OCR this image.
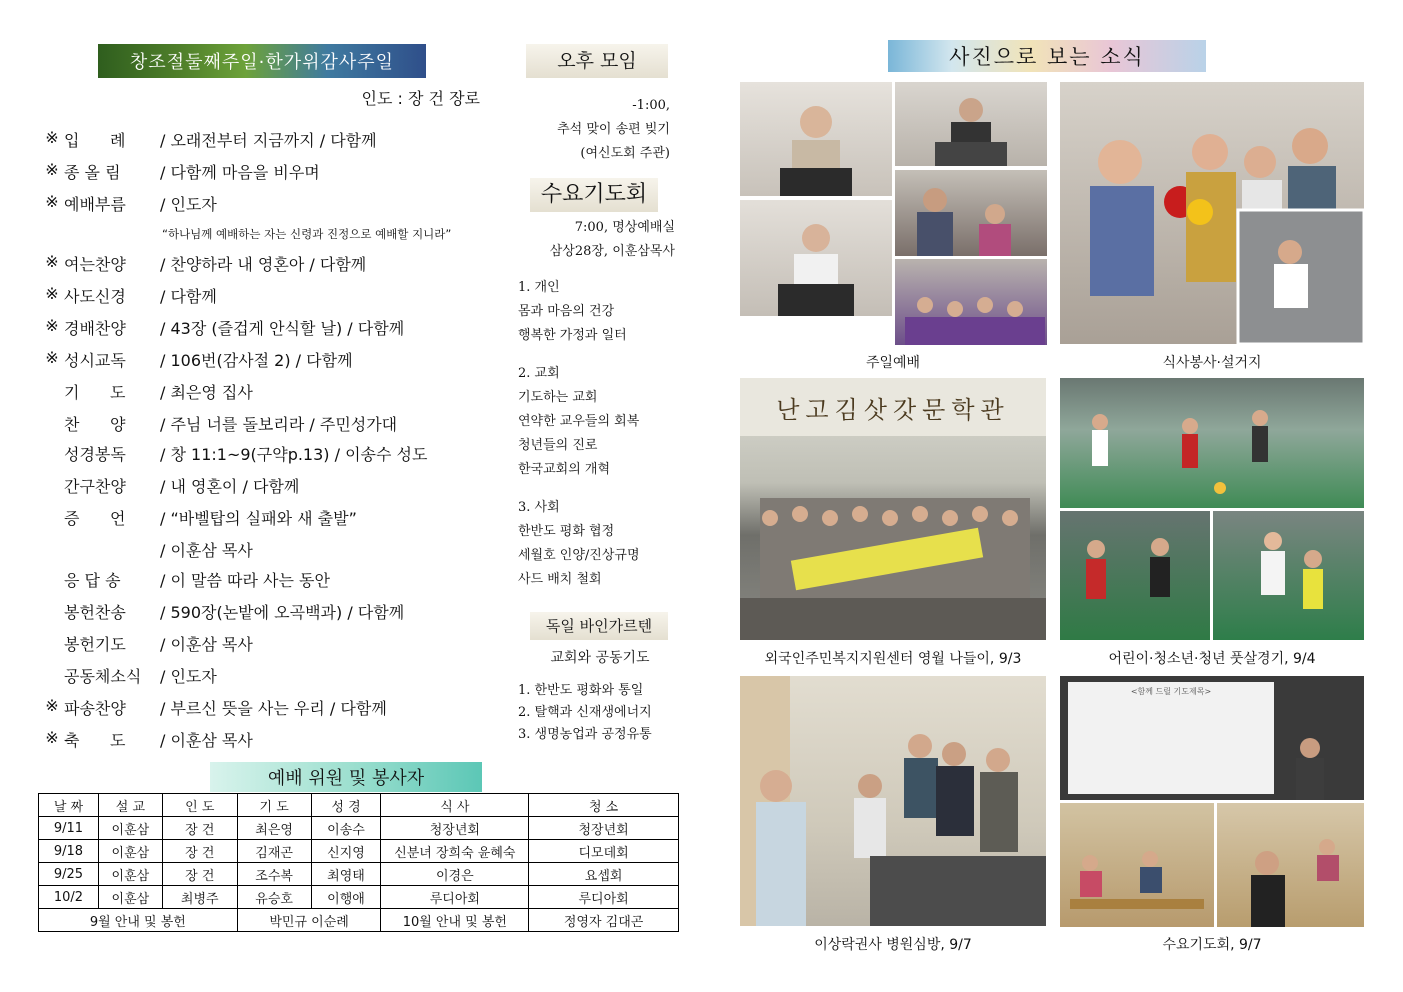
창조절둘째주일·한가위감사주일
인도 : 장 건 장로
※ 입      례	/ 오래전부터 지금까지 / 다함께
※ 종 올 림	/ 다함께 마음을 비우며
※ 예배부름	/ 인도자
※ 여는찬양	/ 찬양하라 내 영혼아 / 다함께
※ 사도신경	/ 다함께
※ 경배찬양	/ 43장 (즐겁게 안식할 날) / 다함께
※ 성시교독	/ 106번(감사절 2) / 다함께
기      도	/ 최은영 집사
찬      양	/ 주님 너를 돌보리라 / 주민성가대
성경봉독	/ 창 11:1~9(구약p.13) / 이송수 성도
간구찬양	/ 내 영혼이 / 다함께
증      언	/ “바벨탑의 실패와 새 출발”
/ 이훈삼 목사
응 답 송	/ 이 말씀 따라 사는 동안
봉헌찬송	/ 590장(논밭에 오곡백과) / 다함께
봉헌기도	/ 이훈삼 목사
공동체소식	/ 인도자
※ 파송찬양	/ 부르신 뜻을 사는 우리 / 다함께
※ 축      도	/ 이훈삼 목사
“하나님께 예배하는 자는 신령과 진정으로 예배할 지니라”
예배 위원 및 봉사자
날 짜	설 교	인 도	기 도	성 경	식 사	청 소
9/11	이훈삼	장 건	최은영	이송수	청장년회	청장년회
9/18	이훈삼	장 건	김재곤	신지영	신분녀 장희숙 윤혜숙	디모데회
9/25	이훈삼	장 건	조수복	최영태	이경은	요셉회
10/2	이훈삼	최병주	유승호	이행애	루디아회	루디아회
9월 안내 및 봉헌			박민규 이순례		10월 안내 및 봉헌	정영자 김대곤
오후 모임
-1:00,
추석 맞이 송편 빚기
(여신도회 주관)
수요기도회
7:00, 명상예배실
삼상28장, 이훈삼목사
1. 개인
몸과 마음의 건강
행복한 가정과 일터
2. 교회
기도하는 교회
연약한 교우들의 회복
청년들의 진로
한국교회의 개혁
3. 사회
한반도 평화 협정
세월호 인양/진상규명
사드 배치 철회
독일 바인가르텐
교회와 공동기도
1. 한반도 평화와 통일
2. 탈핵과 신재생에너지
3. 생명농업과 공정유통
사진으로 보는 소식
주일예배	식사봉사·설거지
난고김삿갓문학관
외국인주민복지지원센터 영월 나들이, 9/3	어린이·청소년·청년 풋살경기, 9/4
이상락권사 병원심방, 9/7
<함께 드릴 기도제목>
수요기도회, 9/7
